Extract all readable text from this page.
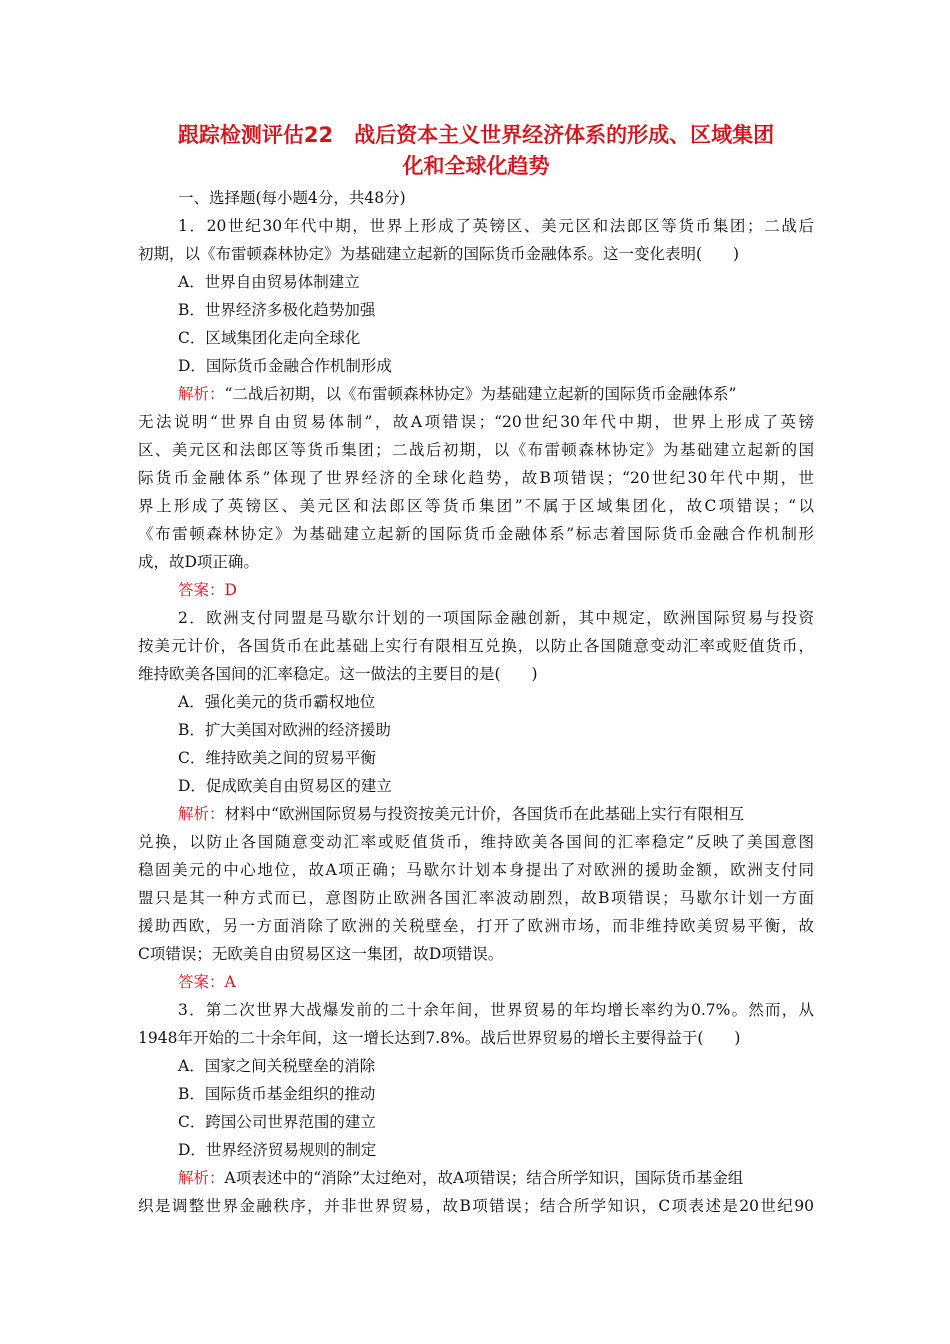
跟踪检测评估22　战后资本主义世界经济体系的形成、区域集团
化和全球化趋势
一、选择题(每小题4分，共48分)
1．20世纪30年代中期，世界上形成了英镑区、美元区和法郎区等货币集团；二战后
初期，以《布雷顿森林协定》为基础建立起新的国际货币金融体系。这一变化表明(　　)
A．世界自由贸易体制建立
B．世界经济多极化趋势加强
C．区域集团化走向全球化
D．国际货币金融合作机制形成
解析：“二战后初期，以《布雷顿森林协定》为基础建立起新的国际货币金融体系”
无法说明“世界自由贸易体制”，故A项错误；“20世纪30年代中期，世界上形成了英镑
区、美元区和法郎区等货币集团；二战后初期，以《布雷顿森林协定》为基础建立起新的国
际货币金融体系”体现了世界经济的全球化趋势，故B项错误；“20世纪30年代中期，世
界上形成了英镑区、美元区和法郎区等货币集团”不属于区域集团化，故C项错误；“以
《布雷顿森林协定》为基础建立起新的国际货币金融体系”标志着国际货币金融合作机制形
成，故D项正确。
答案：D
2．欧洲支付同盟是马歇尔计划的一项国际金融创新，其中规定，欧洲国际贸易与投资
按美元计价，各国货币在此基础上实行有限相互兑换，以防止各国随意变动汇率或贬值货币，
维持欧美各国间的汇率稳定。这一做法的主要目的是(　　)
A．强化美元的货币霸权地位
B．扩大美国对欧洲的经济援助
C．维持欧美之间的贸易平衡
D．促成欧美自由贸易区的建立
解析：材料中“欧洲国际贸易与投资按美元计价，各国货币在此基础上实行有限相互
兑换，以防止各国随意变动汇率或贬值货币，维持欧美各国间的汇率稳定”反映了美国意图
稳固美元的中心地位，故A项正确；马歇尔计划本身提出了对欧洲的援助金额，欧洲支付同
盟只是其一种方式而已，意图防止欧洲各国汇率波动剧烈，故B项错误；马歇尔计划一方面
援助西欧，另一方面消除了欧洲的关税壁垒，打开了欧洲市场，而非维持欧美贸易平衡，故
C项错误；无欧美自由贸易区这一集团，故D项错误。
答案：A
3．第二次世界大战爆发前的二十余年间，世界贸易的年均增长率约为0.7%。然而，从
1948年开始的二十余年间，这一增长达到7.8%。战后世界贸易的增长主要得益于(　　)
A．国家之间关税壁垒的消除
B．国际货币基金组织的推动
C．跨国公司世界范围的建立
D．世界经济贸易规则的制定
解析：A项表述中的“消除”太过绝对，故A项错误；结合所学知识，国际货币基金组
织是调整世界金融秩序，并非世界贸易，故B项错误；结合所学知识，C项表述是20世纪90
